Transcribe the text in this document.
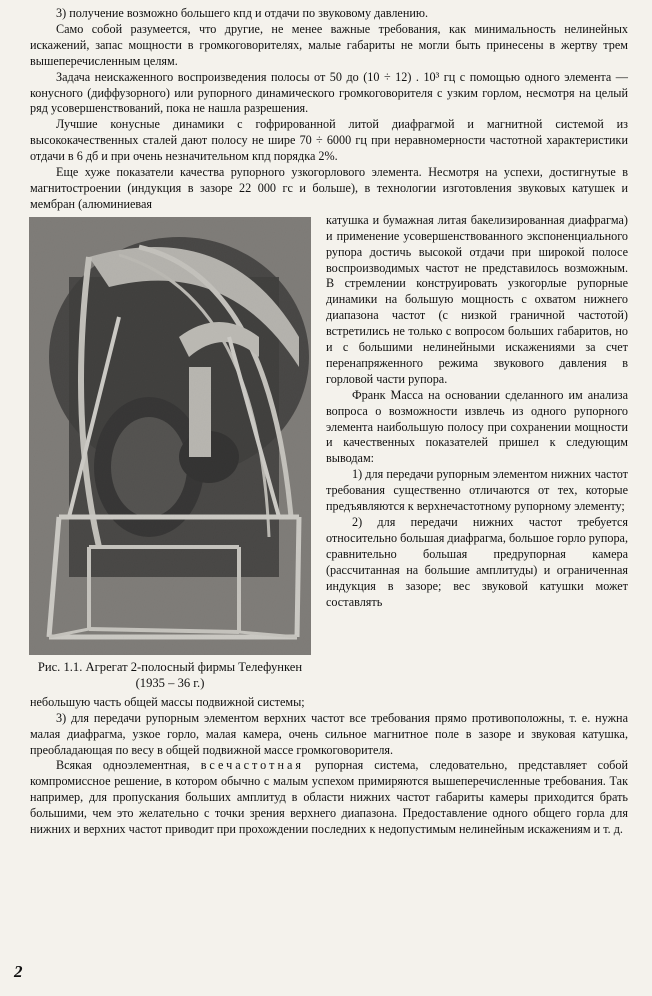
3) получение возможно большего кпд и отдачи по звуковому давлению.

Само собой разумеется, что другие, не менее важные требования, как минимальность нелинейных искажений, запас мощности в громкоговорителях, малые габариты не могли быть принесены в жертву трем вышеперечисленным целям.

Задача неискаженного воспроизведения полосы от 50 до (10 ÷ 12) . 10³ гц с помощью одного элемента — конусного (диффузорного) или рупорного динамического громкоговорителя с узким горлом, несмотря на целый ряд усовершенствований, пока не нашла разрешения.

Лучшие конусные динамики с гофрированной литой диафрагмой и магнитной системой из высококачественных сталей дают полосу не шире 70 ÷ 6000 гц при неравномерности частотной характеристики отдачи в 6 дб и при очень незначительном кпд порядка 2%.

Еще хуже показатели качества рупорного узкогорлового элемента. Несмотря на успехи, достигнутые в магнитостроении (индукция в зазоре 22 000 гс и больше), в технологии изготовления звуковых катушек и мембран (алюминиевая

Рис. 1.1. Агрегат 2-полосный фирмы Телефункен (1935 – 36 г.)

катушка и бумажная литая бакелизированная диафрагма) и применение усовершенствованного экспоненциального рупора достичь высокой отдачи при широкой полосе воспроизводимых частот не представилось возможным. В стремлении конструировать узкогорлые рупорные динамики на большую мощность с охватом нижнего диапазона частот (с низкой граничной частотой) встретились не только с вопросом больших габаритов, но и с большими нелинейными искажениями за счет перенапряженного режима звукового давления в горловой части рупора.

Франк Масса на основании сделанного им анализа вопроса о возможности извлечь из одного рупорного элемента наибольшую полосу при сохранении мощности и качественных показателей пришел к следующим выводам:

1) для передачи рупорным элементом нижних частот требования существенно отличаются от тех, которые предъявляются к верхнечастотному рупорному элементу;

2) для передачи нижних частот требуется относительно большая диафрагма, большое горло рупора, сравнительно большая предрупорная камера (рассчитанная на большие амплитуды) и ограниченная индукция в зазоре; вес звуковой катушки может составлять

небольшую часть общей массы подвижной системы;

3) для передачи рупорным элементом верхних частот все требования прямо противоположны, т. е. нужна малая диафрагма, узкое горло, малая камера, очень сильное магнитное поле в зазоре и звуковая катушка, преобладающая по весу в общей подвижной массе громкоговорителя.

Всякая одноэлементная, всечастотная рупорная система, следовательно, представляет собой компромиссное решение, в котором обычно с малым успехом примиряются вышеперечисленные требования. Так например, для пропускания больших амплитуд в области нижних частот габариты камеры приходится брать большими, чем это желательно с точки зрения верхнего диапазона. Предоставление одного общего горла для нижних и верхних частот приводит при прохождении последних к недопустимым нелинейным искажениям и т. д.

2
